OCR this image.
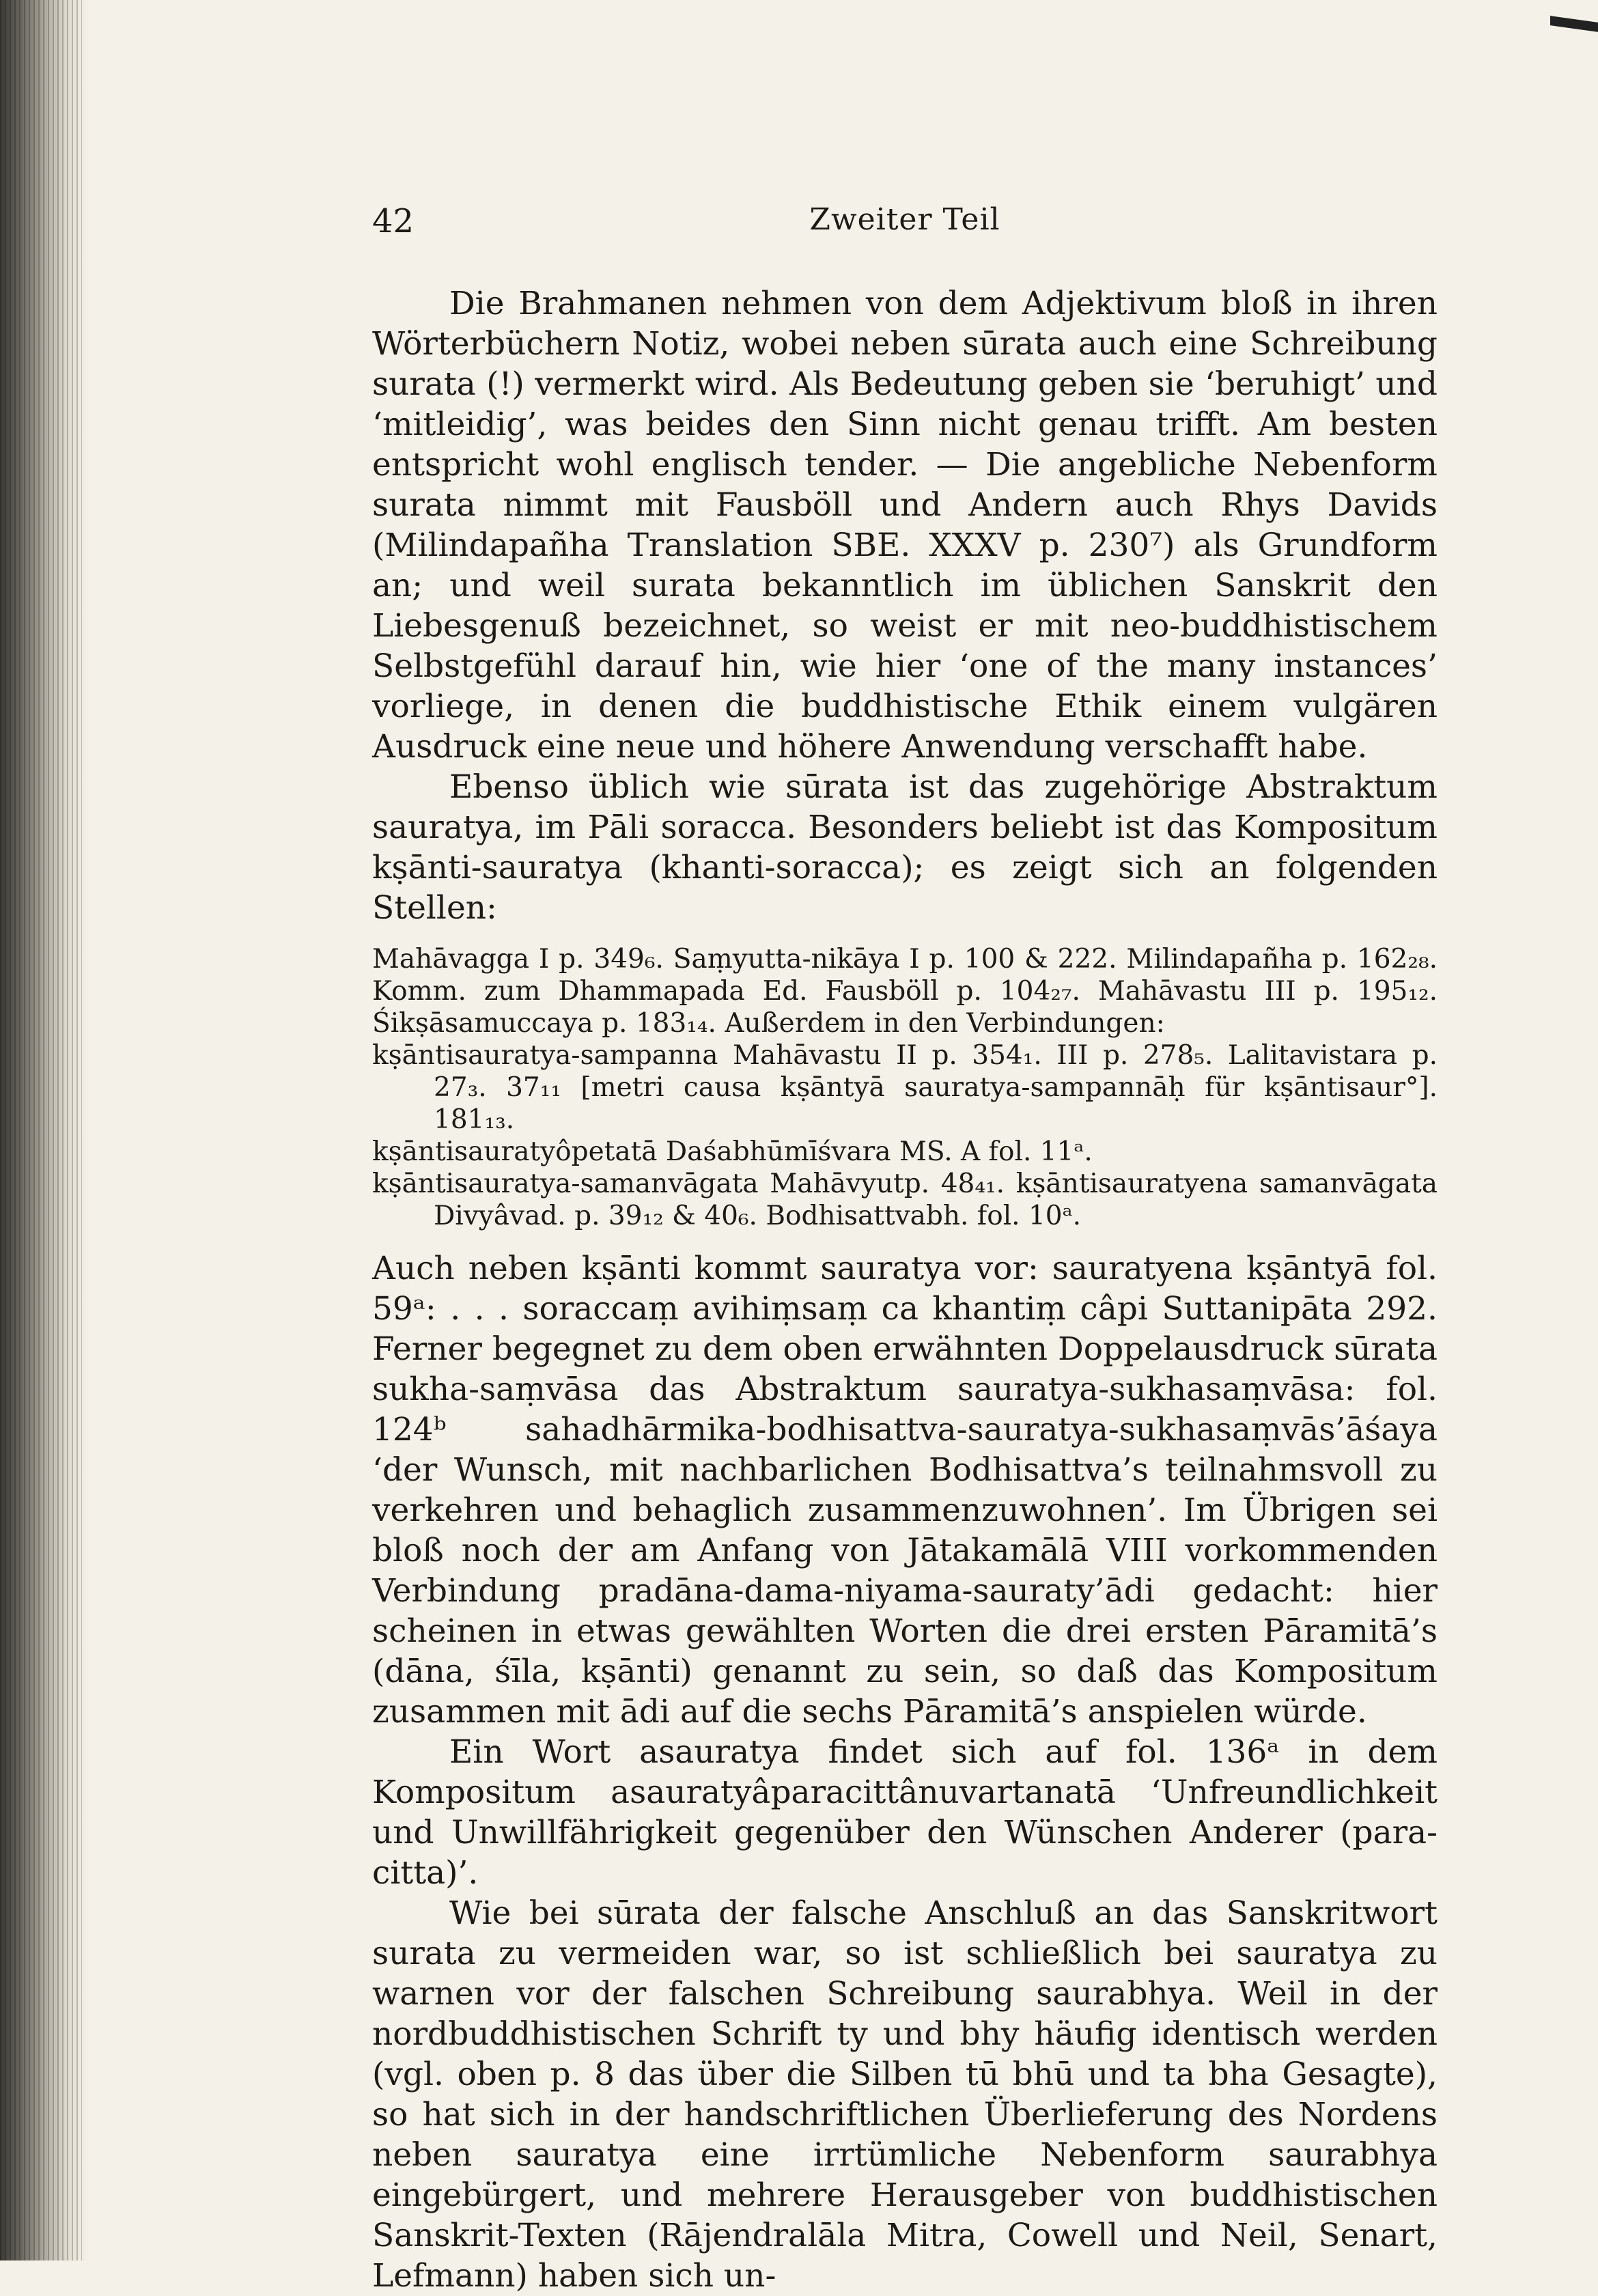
42	Zweiter Teil

Die Brahmanen nehmen von dem Adjektivum bloß in ihren Wörterbüchern Notiz, wobei neben sūrata auch eine Schreibung surata (!) vermerkt wird. Als Bedeutung geben sie ‘beruhigt’ und ‘mitleidig’, was beides den Sinn nicht genau trifft. Am besten entspricht wohl englisch tender. — Die angebliche Nebenform surata nimmt mit Fausböll und Andern auch Rhys Davids (Milindapañha Translation SBE. XXXV p. 230⁷) als Grundform an; und weil surata bekanntlich im üblichen Sanskrit den Liebesgenuß bezeichnet, so weist er mit neo-buddhistischem Selbstgefühl darauf hin, wie hier ‘one of the many instances’ vorliege, in denen die buddhistische Ethik einem vulgären Ausdruck eine neue und höhere Anwendung verschafft habe.

Ebenso üblich wie sūrata ist das zugehörige Abstraktum sauratya, im Pāli soracca. Besonders beliebt ist das Kompositum kṣānti-sauratya (khanti-soracca); es zeigt sich an folgenden Stellen:

Mahāvagga I p. 349₆. Saṃyutta-nikāya I p. 100 & 222. Milindapañha p. 162₂₈. Komm. zum Dhammapada Ed. Fausböll p. 104₂₇. Mahāvastu III p. 195₁₂. Śikṣāsamuccaya p. 183₁₄. Außerdem in den Verbindungen:

kṣāntisauratya-sampanna Mahāvastu II p. 354₁. III p. 278₅. Lalitavistara p. 27₃. 37₁₁ [metri causa kṣāntyā sauratya-sampannāḥ für kṣāntisaur°]. 181₁₃.

kṣāntisauratyôpetatā Daśabhūmīśvara MS. A fol. 11ᵃ.

kṣāntisauratya-samanvāgata Mahāvyutp. 48₄₁. kṣāntisauratyena samanvāgata Divyâvad. p. 39₁₂ & 40₆. Bodhisattvabh. fol. 10ᵃ.

Auch neben kṣānti kommt sauratya vor: sauratyena kṣāntyā fol. 59ᵃ: . . . soraccaṃ avihiṃsaṃ ca khantiṃ câpi Suttanipāta 292. Ferner begegnet zu dem oben erwähnten Doppelausdruck sūrata sukha-saṃvāsa das Abstraktum sauratya-sukhasaṃvāsa: fol. 124ᵇ sahadhārmika-bodhisattva-sauratya-sukhasaṃvās’āśaya ‘der Wunsch, mit nachbarlichen Bodhisattva’s teilnahmsvoll zu verkehren und behaglich zusammenzuwohnen’. Im Übrigen sei bloß noch der am Anfang von Jātakamālā VIII vorkommenden Verbindung pradāna-dama-niyama-sauraty’ādi gedacht: hier scheinen in etwas gewählten Worten die drei ersten Pāramitā’s (dāna, śīla, kṣānti) genannt zu sein, so daß das Kompositum zusammen mit ādi auf die sechs Pāramitā’s anspielen würde.

Ein Wort asauratya findet sich auf fol. 136ᵃ in dem Kompositum asauratyâparacittânuvartanatā ‘Unfreundlichkeit und Unwillfährigkeit gegenüber den Wünschen Anderer (para-citta)’.

Wie bei sūrata der falsche Anschluß an das Sanskritwort surata zu vermeiden war, so ist schließlich bei sauratya zu warnen vor der falschen Schreibung saurabhya. Weil in der nordbuddhistischen Schrift ty und bhy häufig identisch werden (vgl. oben p. 8 das über die Silben tū bhū und ta bha Gesagte), so hat sich in der handschriftlichen Überlieferung des Nordens neben sauratya eine irrtümliche Nebenform saurabhya eingebürgert, und mehrere Herausgeber von buddhistischen Sanskrit-Texten (Rājendralāla Mitra, Cowell und Neil, Senart, Lefmann) haben sich un-
